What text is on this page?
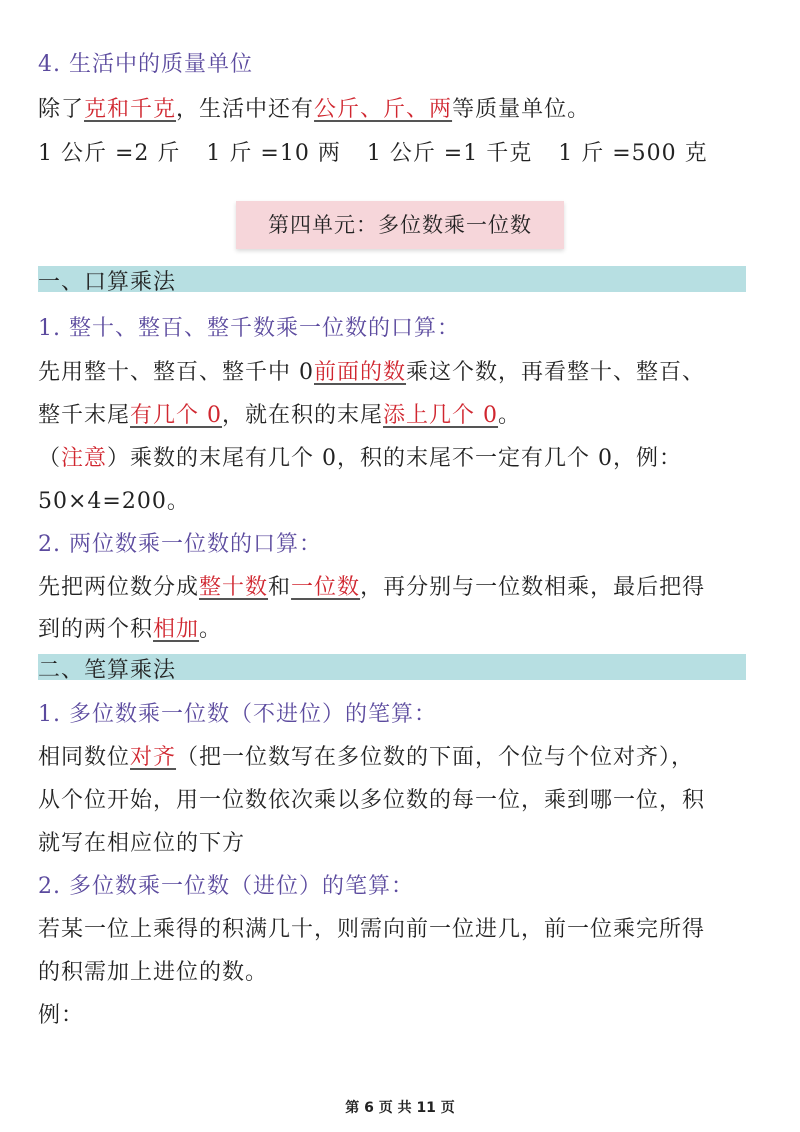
4. 生活中的质量单位
除了克和千克，生活中还有公斤、斤、两等质量单位。
1 公斤 =2 斤 1 斤 =10 两 1 公斤 =1 千克 1 斤 =500 克
第四单元：多位数乘一位数
一、口算乘法
1. 整十、整百、整千数乘一位数的口算：
先用整十、整百、整千中 0前面的数乘这个数，再看整十、整百、
整千末尾有几个 0，就在积的末尾添上几个 0。
（注意）乘数的末尾有几个 0，积的末尾不一定有几个 0，例：
50×4=200。
2. 两位数乘一位数的口算：
先把两位数分成整十数和一位数，再分别与一位数相乘，最后把得
到的两个积相加。
二、笔算乘法
1. 多位数乘一位数（不进位）的笔算：
相同数位对齐（把一位数写在多位数的下面，个位与个位对齐），
从个位开始，用一位数依次乘以多位数的每一位，乘到哪一位，积
就写在相应位的下方
2. 多位数乘一位数（进位）的笔算：
若某一位上乘得的积满几十，则需向前一位进几，前一位乘完所得
的积需加上进位的数。
例：
第 6 页 共 11 页
